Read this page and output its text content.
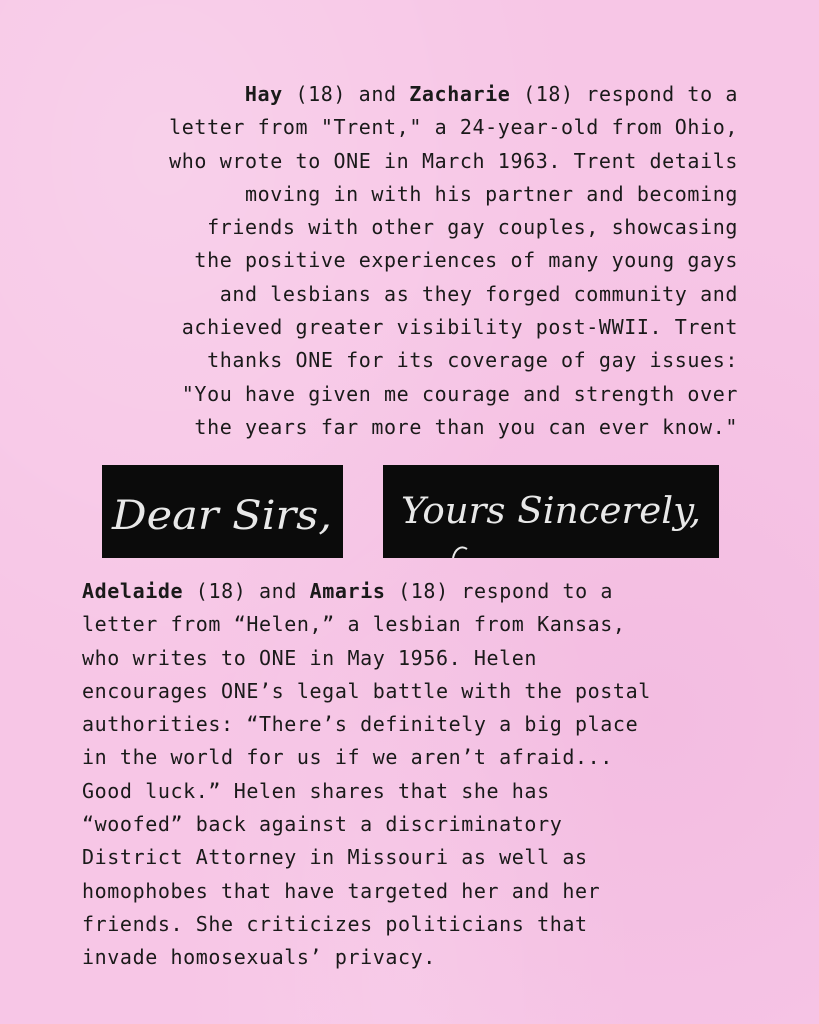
Hay (18) and Zacharie (18) respond to a

letter from "Trent," a 24-year-old from Ohio,

who wrote to ONE in March 1963. Trent details

moving in with his partner and becoming

friends with other gay couples, showcasing

the positive experiences of many young gays

and lesbians as they forged community and

achieved greater visibility post-WWII. Trent

thanks ONE for its coverage of gay issues:

"You have given me courage and strength over

the years far more than you can ever know."

Dear Sirs, Yours Sincerely,

Adelaide (18) and Amaris (18) respond to a

letter from “Helen,” a lesbian from Kansas,

who writes to ONE in May 1956. Helen

encourages ONE’s legal battle with the postal

authorities: “There’s definitely a big place

in the world for us if we aren’t afraid...

Good luck.” Helen shares that she has

“woofed” back against a discriminatory

District Attorney in Missouri as well as

homophobes that have targeted her and her

friends. She criticizes politicians that

invade homosexuals’ privacy.
